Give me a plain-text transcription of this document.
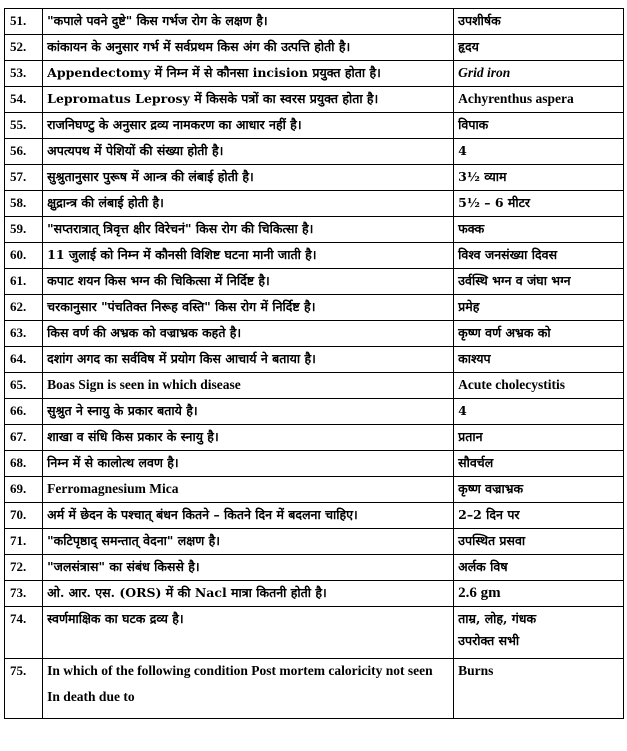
51.	"कपाले पवने दुष्टे" किस गर्भज रोग के लक्षण है।	उपशीर्षक
52.	कांकायन के अनुसार गर्भ में सर्वप्रथम किस अंग की उत्पत्ति होती है।	हृदय
53.	Appendectomy में निम्न में से कौनसा incision प्रयुक्त होता है।	Grid iron
54.	Lepromatus Leprosy में किसके पत्रों का स्वरस प्रयुक्त होता है।	Achyrenthus aspera
55.	राजनिघण्टु के अनुसार द्रव्य नामकरण का आधार नहीं है।	विपाक
56.	अपत्यपथ में पेशियों की संख्या होती है।	4
57.	सुश्रुतानुसार पुरूष में आन्त्र की लंबाई होती है।	3½ व्याम
58.	क्षुद्रान्त्र की लंबाई होती है।	5½ – 6 मीटर
59.	"सप्तरात्रात् त्रिवृत्त क्षीर विरेचनं" किस रोग की चिकित्सा है।	फक्क
60.	11 जुलाई को निम्न में कौनसी विशिष्ट घटना मानी जाती है।	विश्व जनसंख्या दिवस
61.	कपाट शयन किस भग्न की चिकित्सा में निर्दिष्ट है।	उर्वस्थि भग्न व जंघा भग्न
62.	चरकानुसार "पंचतिक्त निरूह वस्ति" किस रोग में निर्दिष्ट है।	प्रमेह
63.	किस वर्ण की अभ्रक को वज्राभ्रक कहते है।	कृष्ण वर्ण अभ्रक को
64.	दशांग अगद का सर्वविष में प्रयोग किस आचार्य ने बताया है।	काश्यप
65.	Boas Sign is seen in which disease	Acute cholecystitis
66.	सुश्रुत ने स्नायु के प्रकार बताये है।	4
67.	शाखा व संधि किस प्रकार के स्नायु है।	प्रतान
68.	निम्न में से कालोत्थ लवण है।	सौवर्चल
69.	Ferromagnesium Mica	कृष्ण वज्राभ्रक
70.	अर्म में छेदन के पश्चात् बंधन कितने – कितने दिन में बदलना चाहिए।	2–2 दिन पर
71.	"कटिपृष्ठाद् समन्तात् वेदना" लक्षण है।	उपस्थित प्रसवा
72.	"जलसंत्रास" का संबंध किससे है।	अर्लक विष
73.	ओ. आर. एस. (ORS) में की Nacl मात्रा कितनी होती है।	2.6 gm
74.	स्वर्णमाक्षिक का घटक द्रव्य है।	ताम्र, लोह, गंधक
उपरोक्त सभी

75.	In which of the following condition Post mortem caloricity not seen
In death due to	Burns
